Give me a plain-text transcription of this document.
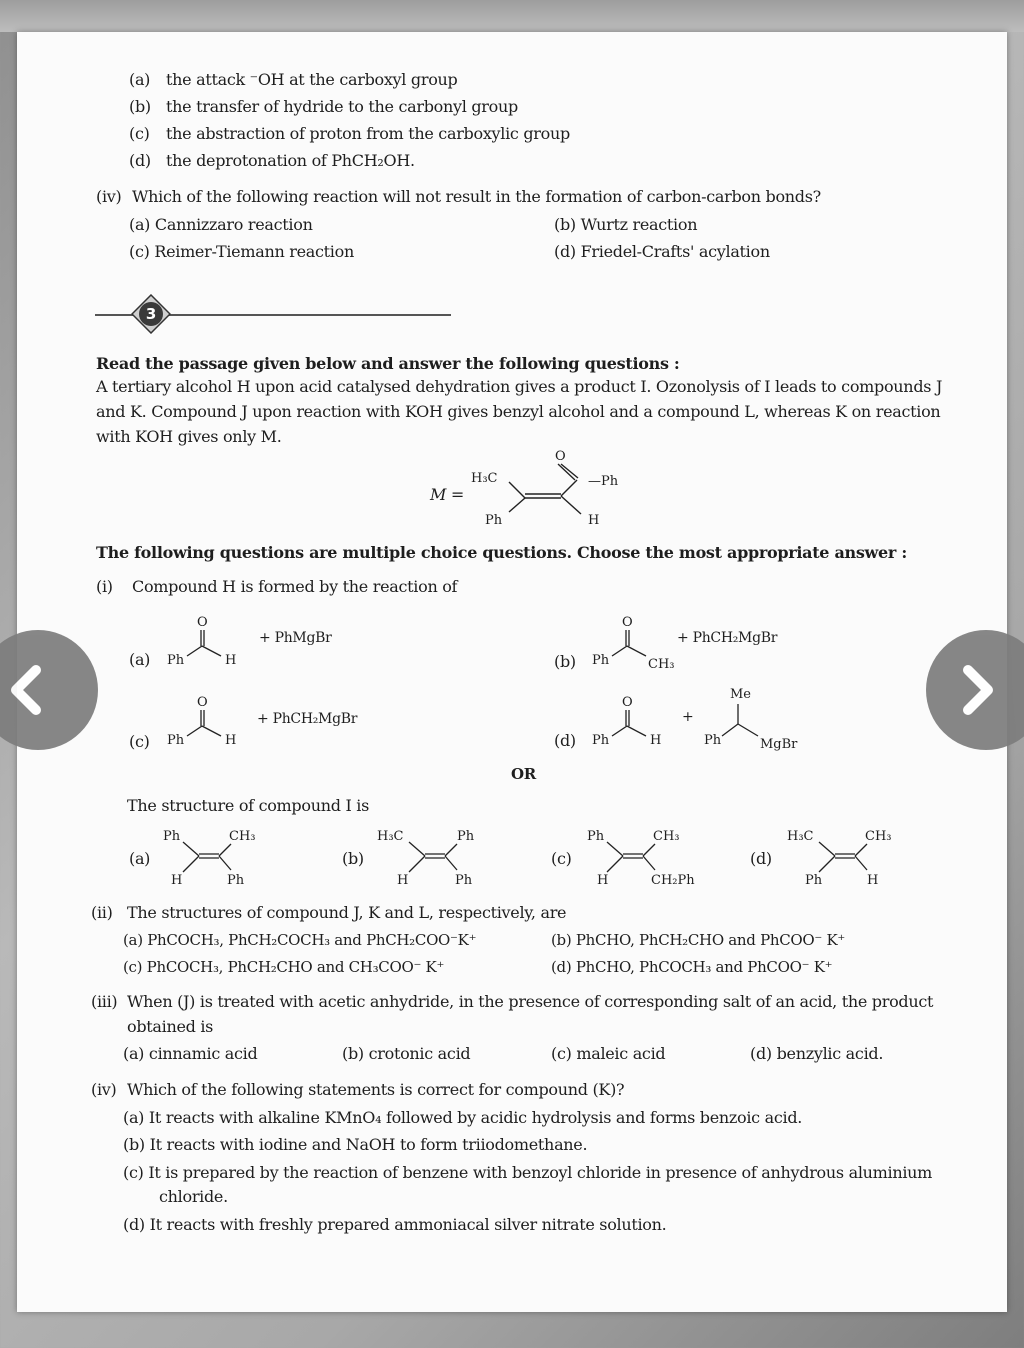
(a) the attack ⁻OH at the carboxyl group
(b) the transfer of hydride to the carbonyl group
(c) the abstraction of proton from the carboxylic group
(d) the deprotonation of PhCH₂OH.
(iv) Which of the following reaction will not result in the formation of carbon-carbon bonds?
(a) Cannizzaro reaction	(b) Wurtz reaction
(c) Reimer-Tiemann reaction	(d) Friedel-Crafts' acylation
3
Read the passage given below and answer the following questions :
A tertiary alcohol H upon acid catalysed dehydration gives a product I. Ozonolysis of I leads to compounds J
and K. Compound J upon reaction with KOH gives benzyl alcohol and a compound L, whereas K on reaction
with KOH gives only M.
M =
H₃C
Ph
O
—Ph
H
The following questions are multiple choice questions. Choose the most appropriate answer :
(i) Compound H is formed by the reaction of
(a)
O
Ph	H
+ PhMgBr
(b)
O
Ph	CH₃
+ PhCH₂MgBr
(c)
O
Ph	H
+ PhCH₂MgBr
(d)
O
Ph	H
+
Me
Ph	MgBr
OR
The structure of compound I is
(a)
Ph	CH₃
H	Ph
(b)
H₃C	Ph
H	Ph
(c)
Ph	CH₃
H	CH₂Ph
(d)
H₃C	CH₃
Ph	H
(ii) The structures of compound J, K and L, respectively, are
(a) PhCOCH₃, PhCH₂COCH₃ and PhCH₂COO⁻K⁺	(b) PhCHO, PhCH₂CHO and PhCOO⁻ K⁺
(c) PhCOCH₃, PhCH₂CHO and CH₃COO⁻ K⁺	(d) PhCHO, PhCOCH₃ and PhCOO⁻ K⁺
(iii) When (J) is treated with acetic anhydride, in the presence of corresponding salt of an acid, the product
obtained is
(a) cinnamic acid	(b) crotonic acid	(c) maleic acid	(d) benzylic acid.
(iv) Which of the following statements is correct for compound (K)?
(a) It reacts with alkaline KMnO₄ followed by acidic hydrolysis and forms benzoic acid.
(b) It reacts with iodine and NaOH to form triiodomethane.
(c) It is prepared by the reaction of benzene with benzoyl chloride in presence of anhydrous aluminium
chloride.
(d) It reacts with freshly prepared ammoniacal silver nitrate solution.
